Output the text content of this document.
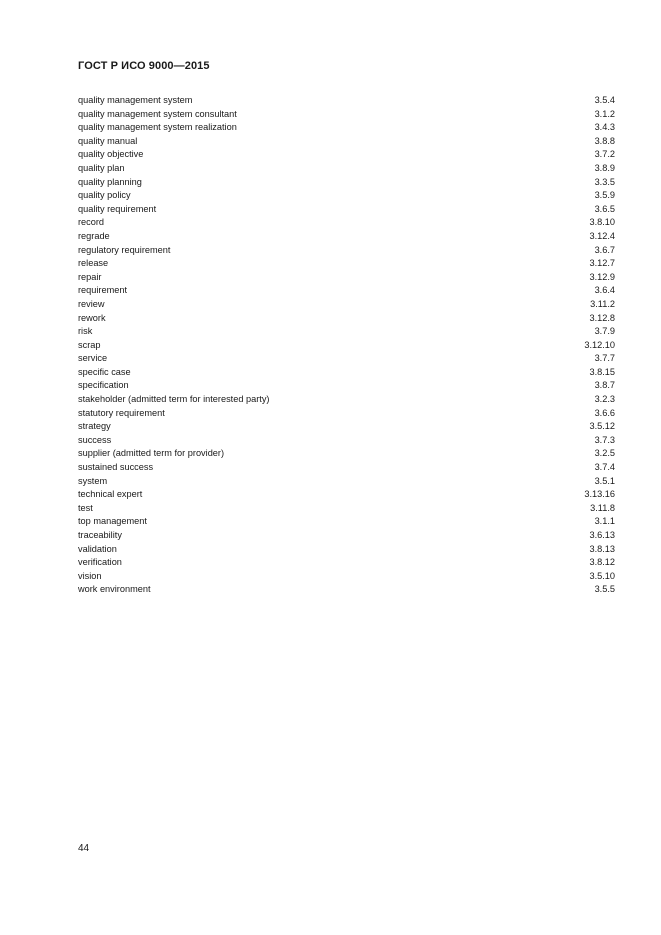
ГОСТ Р ИСО 9000—2015
quality management system	3.5.4
quality management system consultant	3.1.2
quality management system realization	3.4.3
quality manual	3.8.8
quality objective	3.7.2
quality plan	3.8.9
quality planning	3.3.5
quality policy	3.5.9
quality requirement	3.6.5
record	3.8.10
regrade	3.12.4
regulatory requirement	3.6.7
release	3.12.7
repair	3.12.9
requirement	3.6.4
review	3.11.2
rework	3.12.8
risk	3.7.9
scrap	3.12.10
service	3.7.7
specific case	3.8.15
specification	3.8.7
stakeholder (admitted term for interested party)	3.2.3
statutory requirement	3.6.6
strategy	3.5.12
success	3.7.3
supplier (admitted term for provider)	3.2.5
sustained success	3.7.4
system	3.5.1
technical expert	3.13.16
test	3.11.8
top management	3.1.1
traceability	3.6.13
validation	3.8.13
verification	3.8.12
vision	3.5.10
work environment	3.5.5
44
